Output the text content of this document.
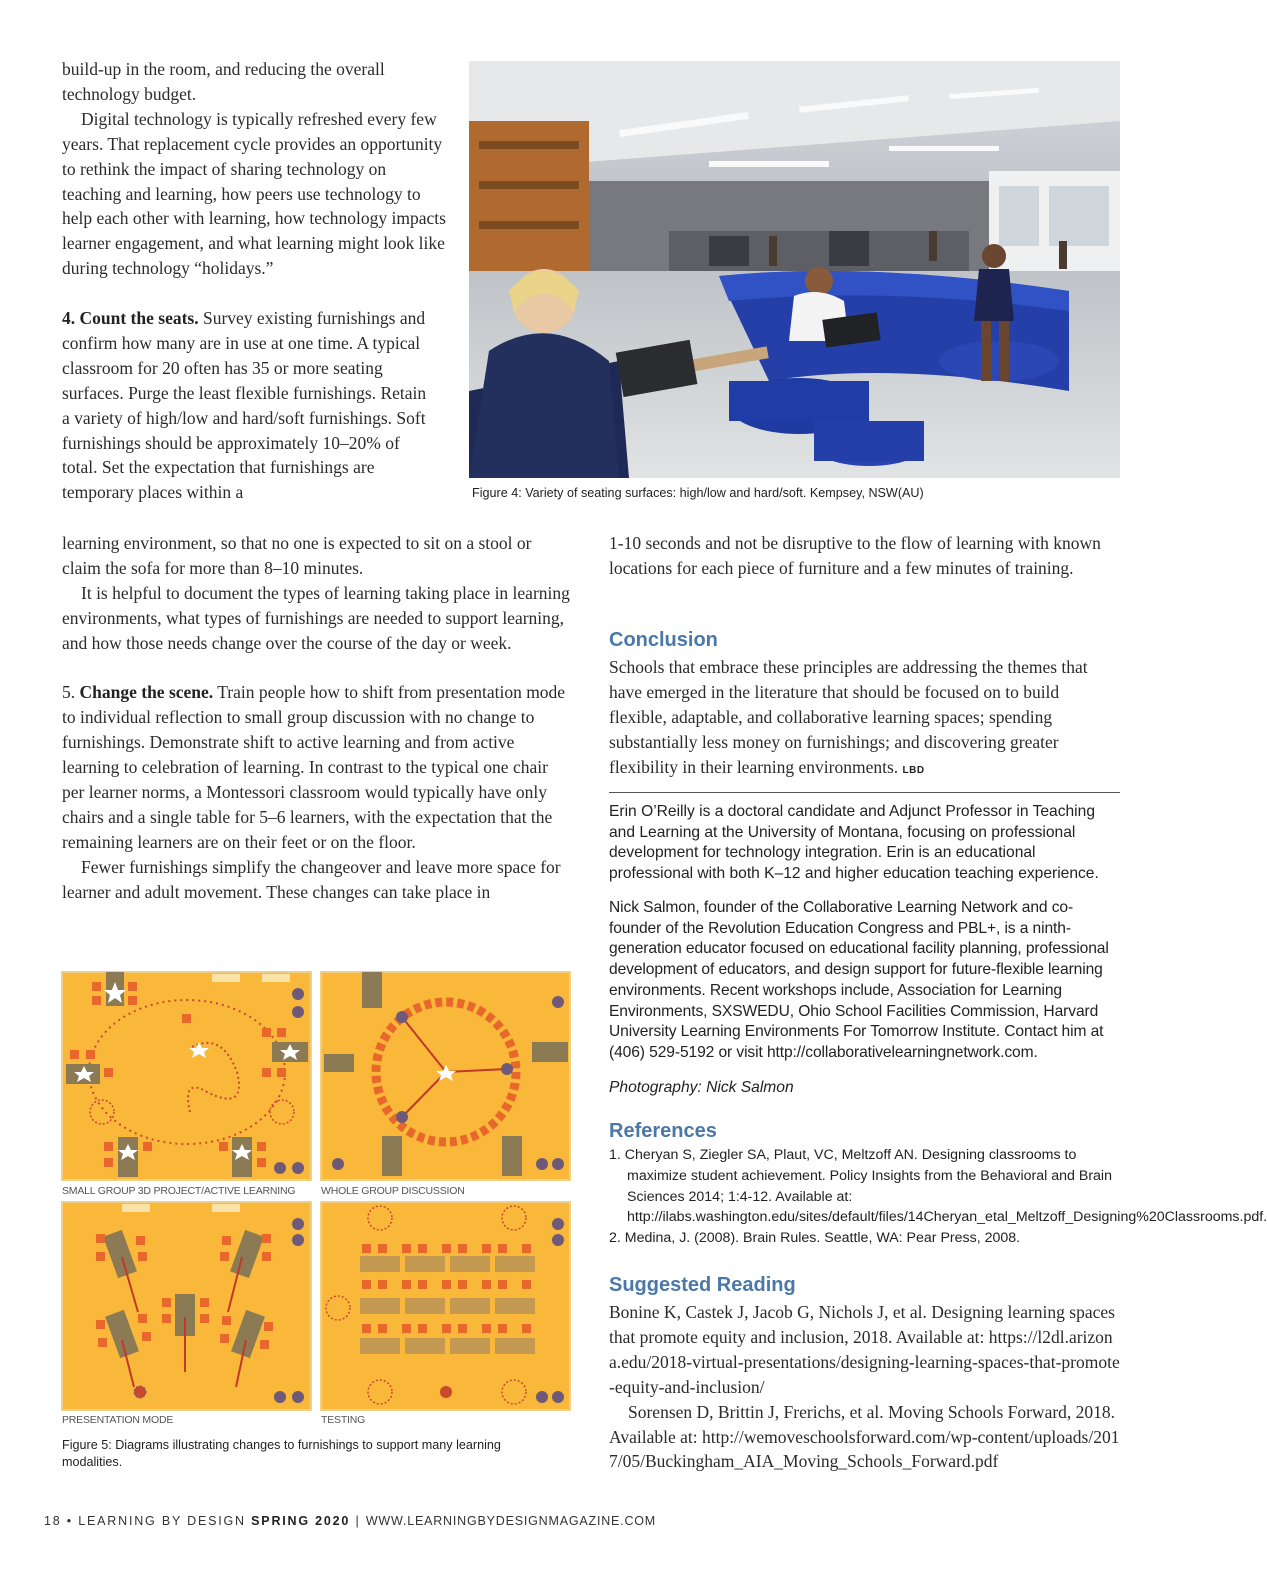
build-up in the room, and reducing the overall technology budget.

Digital technology is typically refreshed every few years. That replacement cycle provides an opportunity to rethink the impact of sharing technology on teaching and learning, how peers use technology to help each other with learning, how technology impacts learner engagement, and what learning might look like during technology “holidays.”

4. Count the seats. Survey existing furnishings and confirm how many are in use at one time. A typical classroom for 20 often has 35 or more seating surfaces. Purge the least flexible furnishings. Retain a variety of high/low and hard/soft furnishings. Soft furnishings should be approximately 10–20% of total. Set the expectation that furnishings are temporary places within a	Figure 4: Variety of seating surfaces: high/low and hard/soft. Kempsey, NSW(AU)

learning environment, so that no one is expected to sit on a stool or claim the sofa for more than 8–10 minutes.

It is helpful to document the types of learning taking place in learning environments, what types of furnishings are needed to support learning, and how those needs change over the course of the day or week.

5. Change the scene. Train people how to shift from presentation mode to individual reflection to small group discussion with no change to furnishings. Demonstrate shift to active learning and from active learning to celebration of learning. In contrast to the typical one chair per learner norms, a Montessori classroom would typically have only chairs and a single table for 5–6 learners, with the expectation that the remaining learners are on their feet or on the floor.

Fewer furnishings simplify the changeover and leave more space for learner and adult movement. These changes can take place in

SMALL GROUP 3D PROJECT/ACTIVE LEARNING WHOLE GROUP DISCUSSION
PRESENTATION MODE	TESTING
Figure 5: Diagrams illustrating changes to furnishings to support many learning modalities.
1-10 seconds and not be disruptive to the flow of learning with known locations for each piece of furniture and a few minutes of training.
Conclusion

Schools that embrace these principles are addressing the themes that have emerged in the literature that should be focused on to build flexible, adaptable, and collaborative learning spaces; spending substantially less money on furnishings; and discovering greater flexibility in their learning environments. LBD

Erin O’Reilly is a doctoral candidate and Adjunct Professor in Teaching and Learning at the University of Montana, focusing on professional development for technology integration. Erin is an educational professional with both K–12 and higher education teaching experience.
Nick Salmon, founder of the Collaborative Learning Network and co-founder of the Revolution Education Congress and PBL+, is a ninth-generation educator focused on educational facility planning, professional development of educators, and design support for future-flexible learning environments. Recent workshops include, Association for Learning Environments, SXSWEDU, Ohio School Facilities Commission, Harvard University Learning Environments For Tomorrow Institute. Contact him at (406) 529-5192 or visit http://collaborativelearningnetwork.com.
Photography: Nick Salmon
References
1. Cheryan S, Ziegler SA, Plaut, VC, Meltzoff AN. Designing classrooms to maximize student achievement. Policy Insights from the Behavioral and Brain Sciences 2014; 1:4-12. Available at: http://ilabs.washington.edu/sites/default/files/14Cheryan_etal_Meltzoff_Designing%20Classrooms.pdf.
2. Medina, J. (2008). Brain Rules. Seattle, WA: Pear Press, 2008.
Suggested Reading

Bonine K, Castek J, Jacob G, Nichols J, et al. Designing learning spaces that promote equity and inclusion, 2018. Available at: https://l2dl.arizona.edu/2018-virtual-presentations/designing-learning-spaces-that-promote-equity-and-inclusion/

Sorensen D, Brittin J, Frerichs, et al. Moving Schools Forward, 2018. Available at: http://wemoveschoolsforward.com/wp-content/uploads/2017/05/Buckingham_AIA_Moving_Schools_Forward.pdf

18 • LEARNING BY DESIGN SPRING 2020 | WWW.LEARNINGBYDESIGNMAGAZINE.COM
